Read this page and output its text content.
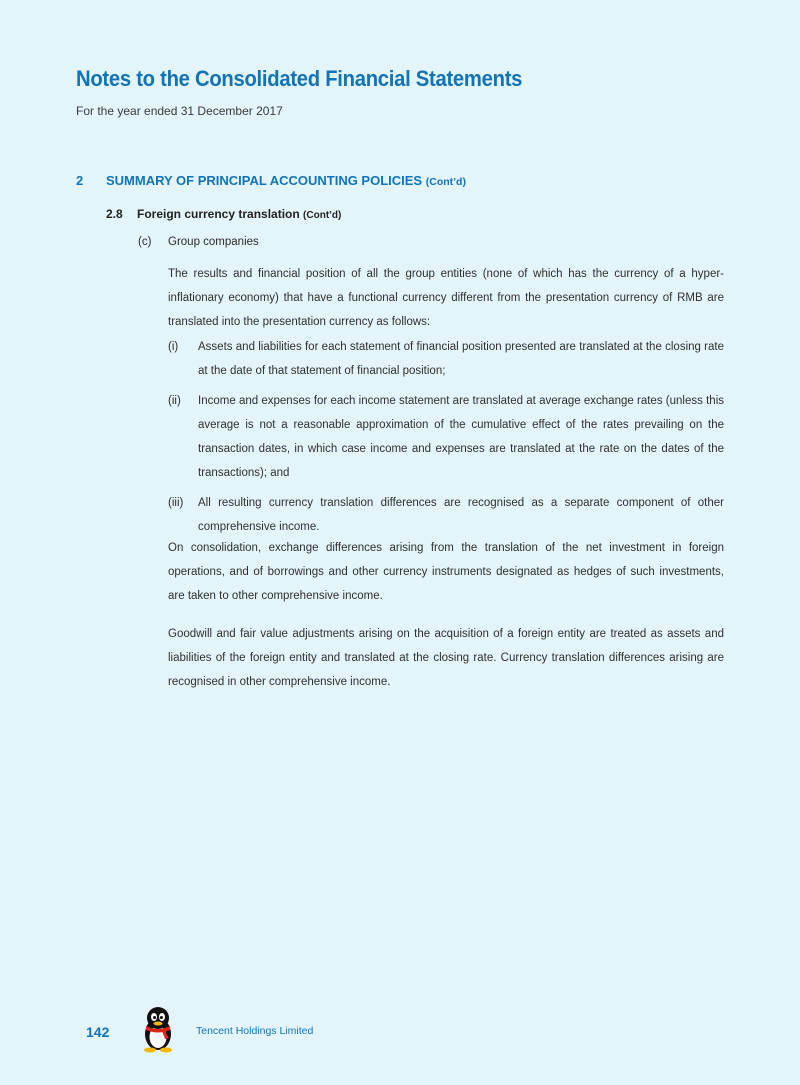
Notes to the Consolidated Financial Statements
For the year ended 31 December 2017
2 SUMMARY OF PRINCIPAL ACCOUNTING POLICIES (Cont’d)
2.8 Foreign currency translation (Cont’d)
(c) Group companies
The results and financial position of all the group entities (none of which has the currency of a hyper-inflationary economy) that have a functional currency different from the presentation currency of RMB are translated into the presentation currency as follows:
(i)	Assets and liabilities for each statement of financial position presented are translated at the closing rate at the date of that statement of financial position;
(ii)	Income and expenses for each income statement are translated at average exchange rates (unless this average is not a reasonable approximation of the cumulative effect of the rates prevailing on the transaction dates, in which case income and expenses are translated at the rate on the dates of the transactions); and
(iii)	All resulting currency translation differences are recognised as a separate component of other comprehensive income.
On consolidation, exchange differences arising from the translation of the net investment in foreign operations, and of borrowings and other currency instruments designated as hedges of such investments, are taken to other comprehensive income.
Goodwill and fair value adjustments arising on the acquisition of a foreign entity are treated as assets and liabilities of the foreign entity and translated at the closing rate. Currency translation differences arising are recognised in other comprehensive income.
142	Tencent Holdings Limited
